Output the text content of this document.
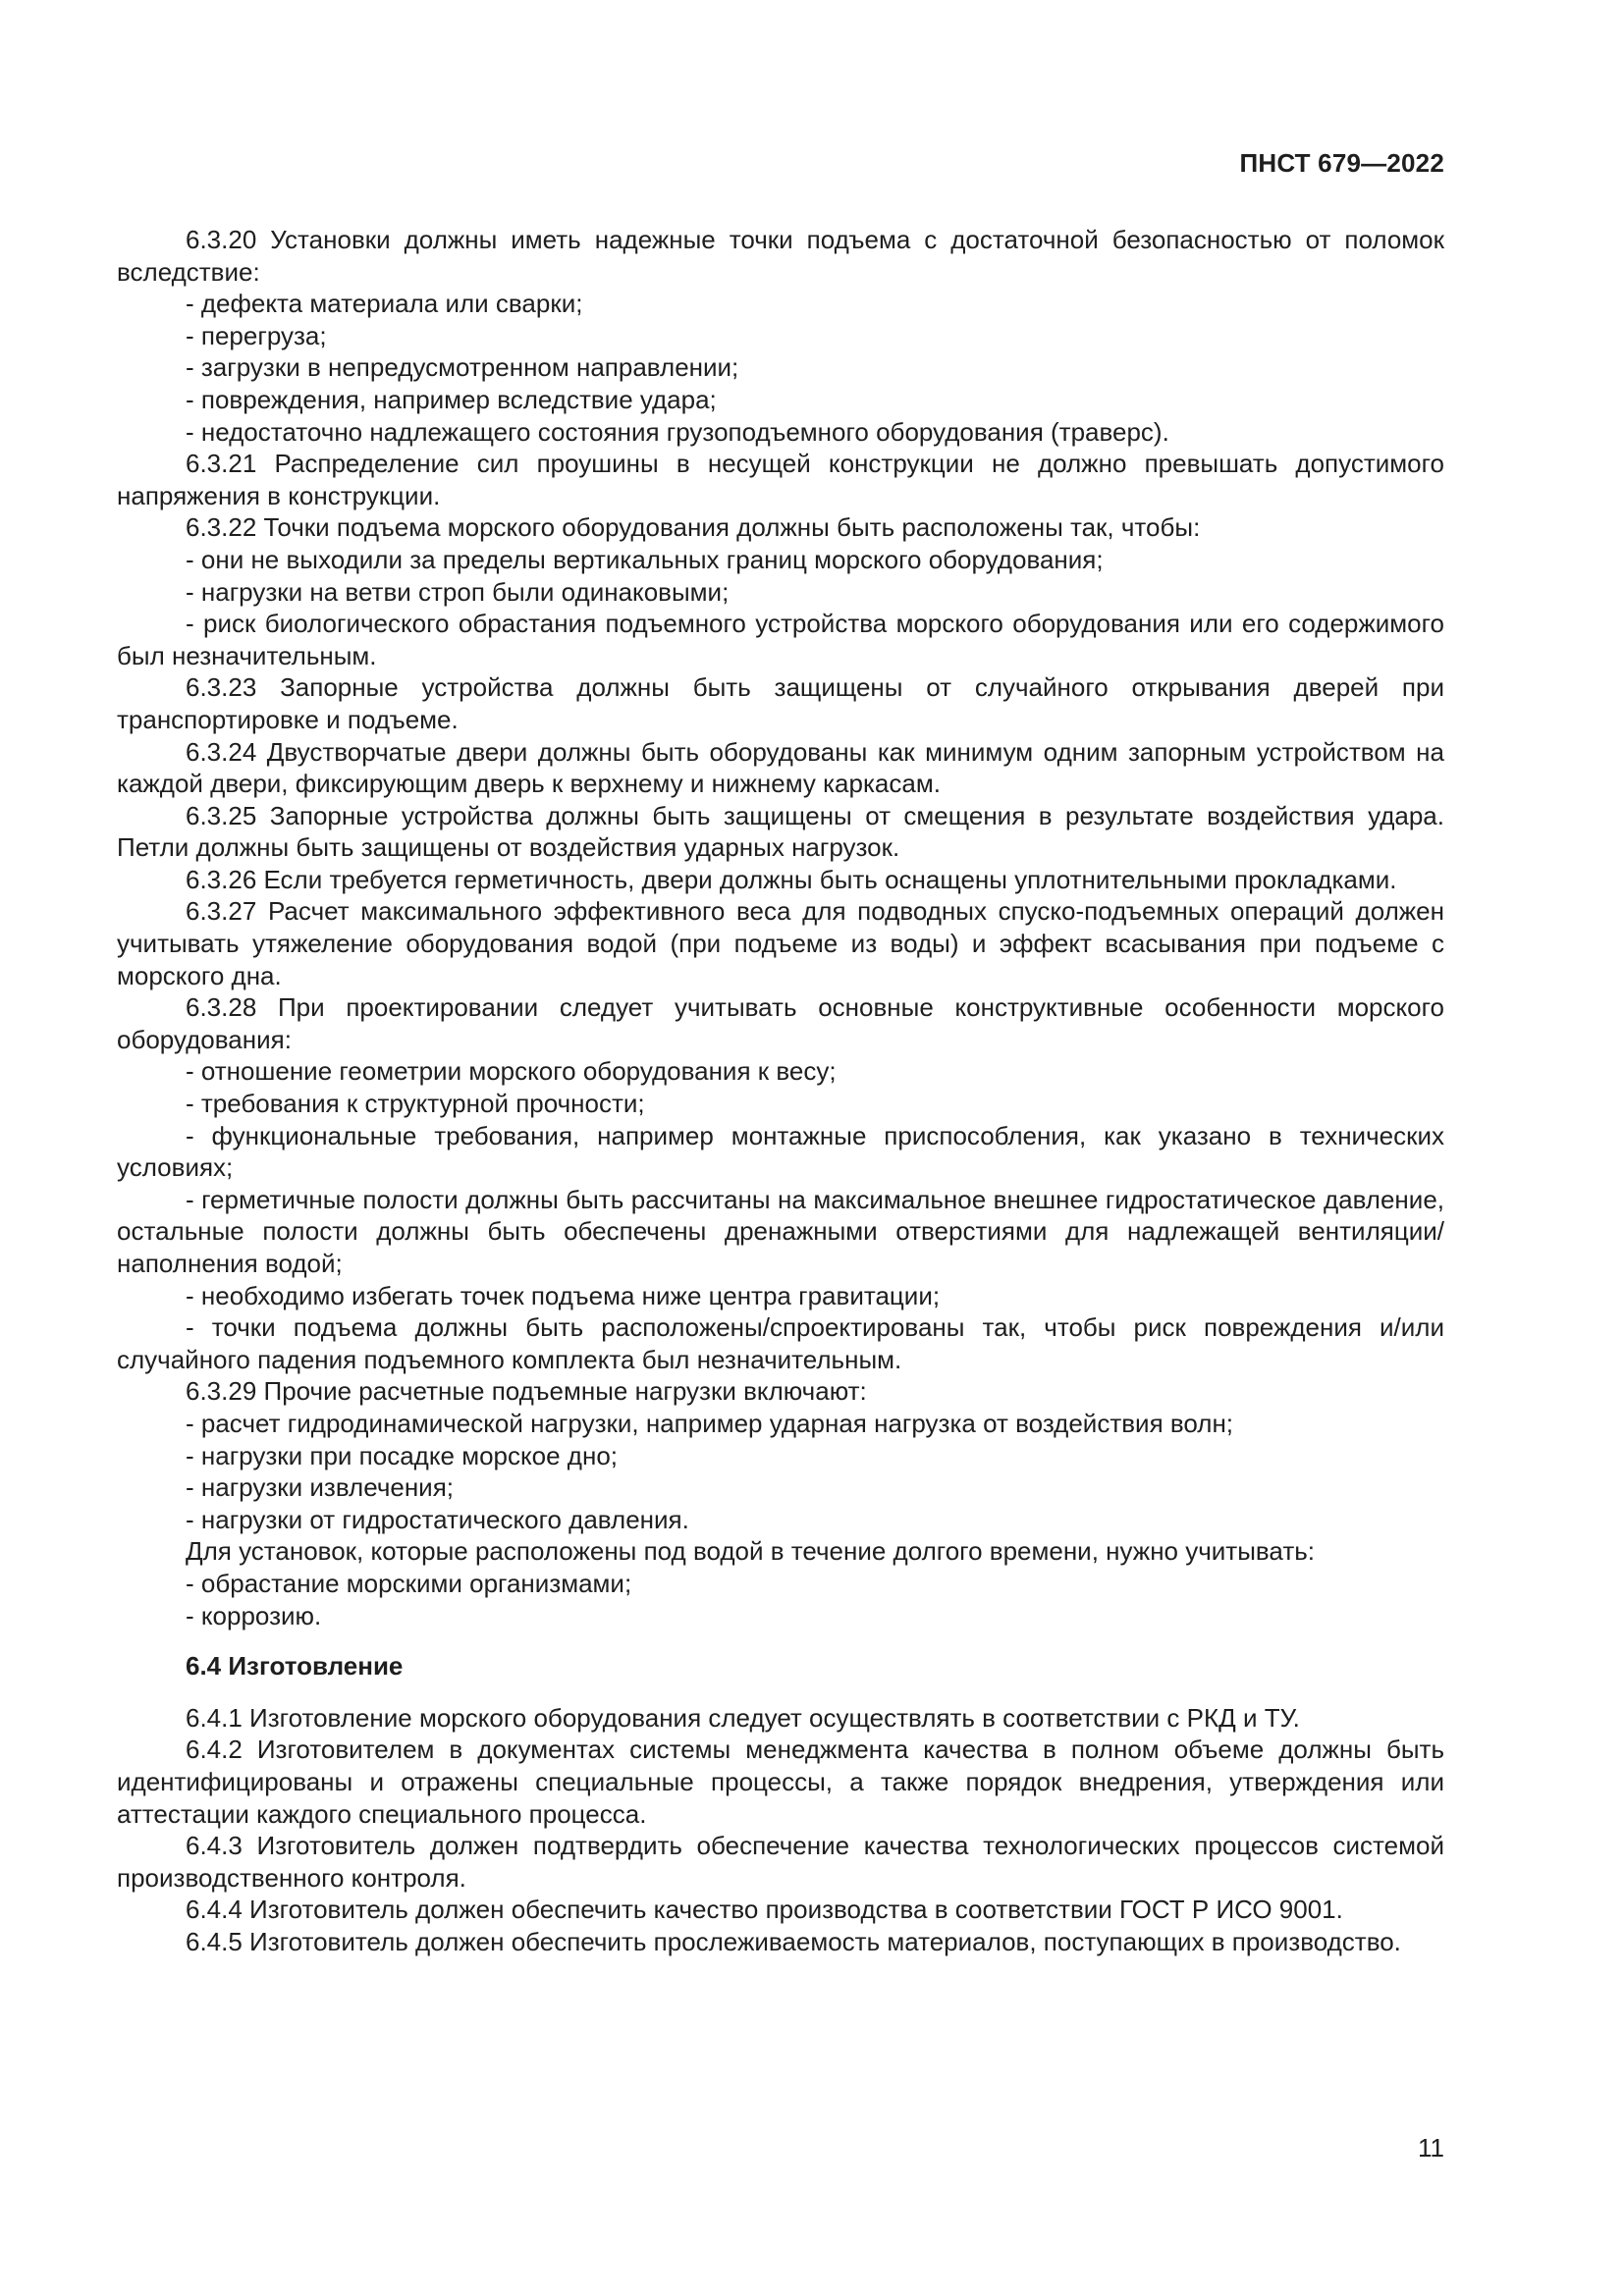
ПНСТ 679—2022

6.3.20 Установки должны иметь надежные точки подъема с достаточной безопасностью от поломок вследствие:

- дефекта материала или сварки;

- перегруза;

- загрузки в непредусмотренном направлении;

- повреждения, например вследствие удара;

- недостаточно надлежащего состояния грузоподъемного оборудования (траверс).

6.3.21 Распределение сил проушины в несущей конструкции не должно превышать допустимого напряжения в конструкции.

6.3.22 Точки подъема морского оборудования должны быть расположены так, чтобы:

- они не выходили за пределы вертикальных границ морского оборудования;

- нагрузки на ветви строп были одинаковыми;

- риск биологического обрастания подъемного устройства морского оборудования или его содержимого был незначительным.

6.3.23 Запорные устройства должны быть защищены от случайного открывания дверей при транспортировке и подъеме.

6.3.24 Двустворчатые двери должны быть оборудованы как минимум одним запорным устройством на каждой двери, фиксирующим дверь к верхнему и нижнему каркасам.

6.3.25 Запорные устройства должны быть защищены от смещения в результате воздействия удара. Петли должны быть защищены от воздействия ударных нагрузок.

6.3.26 Если требуется герметичность, двери должны быть оснащены уплотнительными прокладками.

6.3.27 Расчет максимального эффективного веса для подводных спуско-подъемных операций должен учитывать утяжеление оборудования водой (при подъеме из воды) и эффект всасывания при подъеме с морского дна.

6.3.28 При проектировании следует учитывать основные конструктивные особенности морского оборудования:

- отношение геометрии морского оборудования к весу;

- требования к структурной прочности;

- функциональные требования, например монтажные приспособления, как указано в технических условиях;

- герметичные полости должны быть рассчитаны на максимальное внешнее гидростатическое давление, остальные полости должны быть обеспечены дренажными отверстиями для надлежащей вентиляции/наполнения водой;

- необходимо избегать точек подъема ниже центра гравитации;

- точки подъема должны быть расположены/спроектированы так, чтобы риск повреждения и/или случайного падения подъемного комплекта был незначительным.

6.3.29 Прочие расчетные подъемные нагрузки включают:

- расчет гидродинамической нагрузки, например ударная нагрузка от воздействия волн;

- нагрузки при посадке морское дно;

- нагрузки извлечения;

- нагрузки от гидростатического давления.

Для установок, которые расположены под водой в течение долгого времени, нужно учитывать:

- обрастание морскими организмами;

- коррозию.

6.4 Изготовление

6.4.1 Изготовление морского оборудования следует осуществлять в соответствии с РКД и ТУ.

6.4.2 Изготовителем в документах системы менеджмента качества в полном объеме должны быть идентифицированы и отражены специальные процессы, а также порядок внедрения, утверждения или аттестации каждого специального процесса.

6.4.3 Изготовитель должен подтвердить обеспечение качества технологических процессов системой производственного контроля.

6.4.4 Изготовитель должен обеспечить качество производства в соответствии ГОСТ Р ИСО 9001.

6.4.5 Изготовитель должен обеспечить прослеживаемость материалов, поступающих в производство.

11
